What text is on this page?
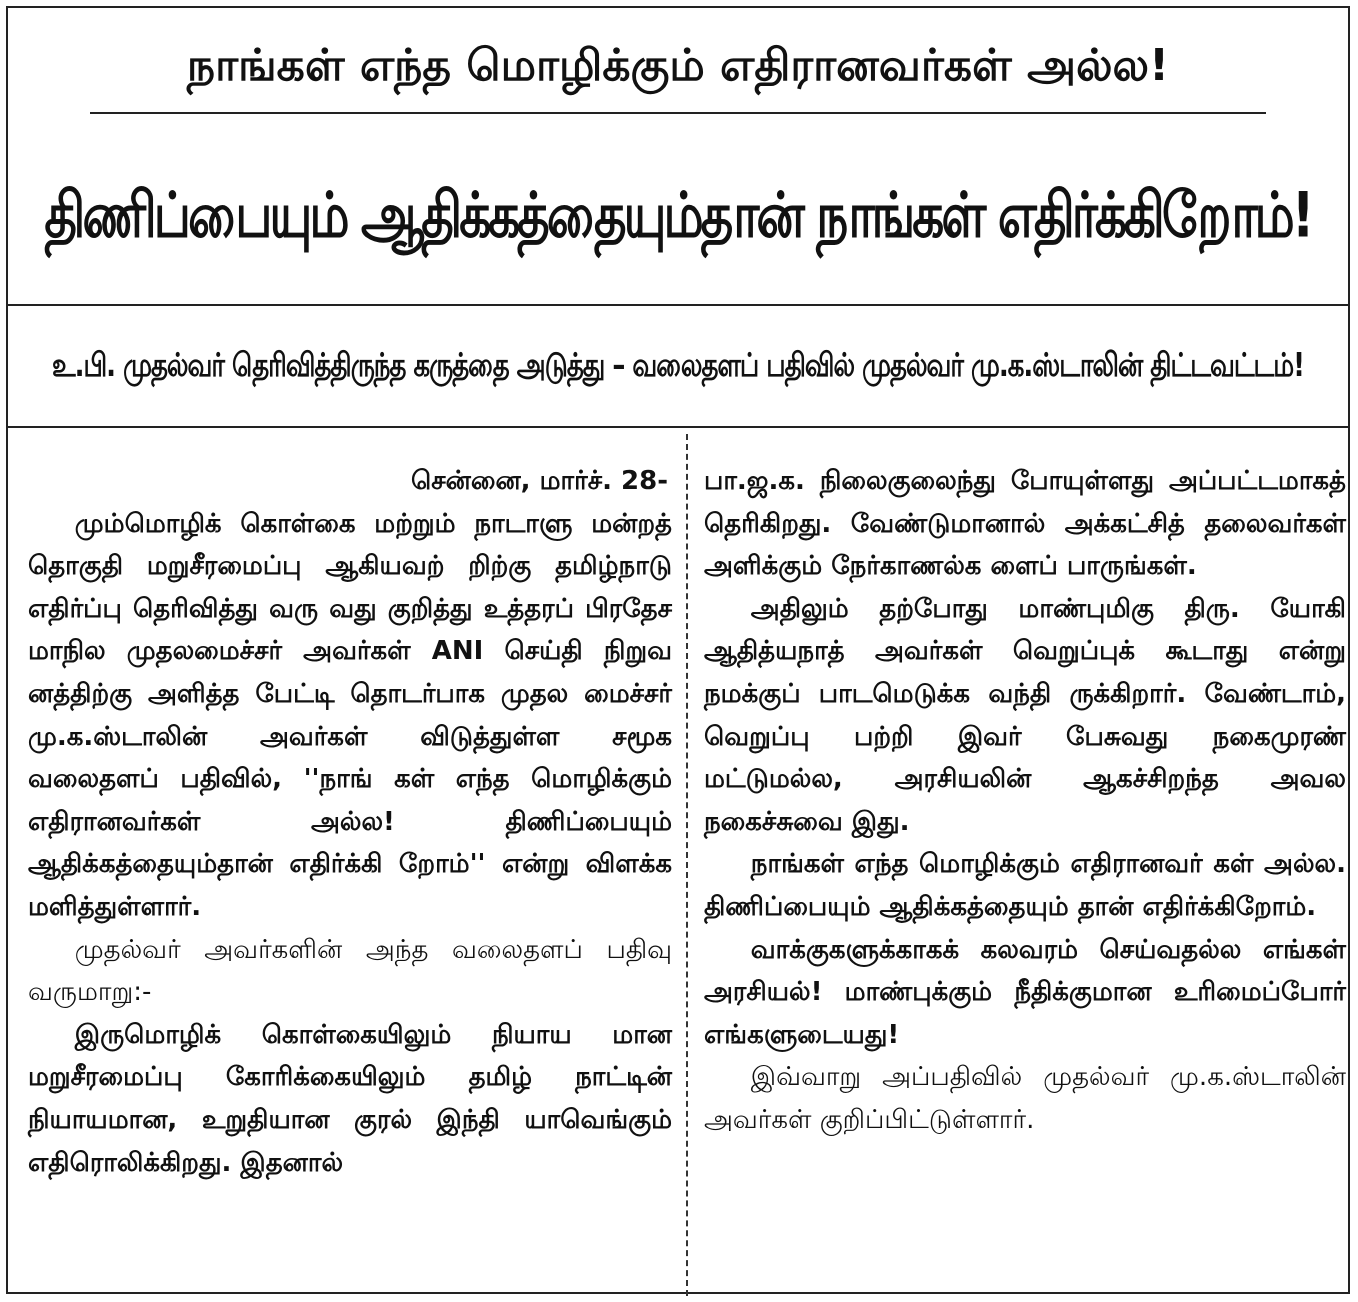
நாங்கள் எந்த மொழிக்கும் எதிரானவர்கள் அல்ல!
திணிப்பையும் ஆதிக்கத்தையும்தான் நாங்கள் எதிர்க்கிறோம்!
உ.பி. முதல்வர் தெரிவித்திருந்த கருத்தை அடுத்து – வலைதளப் பதிவில் முதல்வர் மு.க.ஸ்டாலின் திட்டவட்டம்!

சென்னை, மார்ச். 28-

மும்மொழிக் கொள்கை மற்றும் நாடாளு மன்றத் தொகுதி மறுசீரமைப்பு ஆகியவற் றிற்கு தமிழ்நாடு எதிர்ப்பு தெரிவித்து வரு வது குறித்து உத்தரப் பிரதேச மாநில முதலமைச்சர் அவர்கள் ANI செய்தி நிறுவ னத்திற்கு அளித்த பேட்டி தொடர்பாக முதல மைச்சர் மு.க.ஸ்டாலின் அவர்கள் விடுத்துள்ள சமூக வலைதளப் பதிவில், ''நாங் கள் எந்த மொழிக்கும் எதிரானவர்கள் அல்ல! திணிப்பையும் ஆதிக்கத்தையும்தான் எதிர்க்கி றோம்'' என்று விளக்க மளித்துள்ளார்.

முதல்வர் அவர்களின் அந்த வலைதளப் பதிவு வருமாறு:-

இருமொழிக் கொள்கையிலும் நியாய மான மறுசீரமைப்பு கோரிக்கையிலும் தமிழ் நாட்டின் நியாயமான, உறுதியான குரல் இந்தி யாவெங்கும் எதிரொலிக்கிறது. இதனால்

பா.ஜ.க. நிலைகுலைந்து போயுள்ளது அப்பட்டமாகத் தெரிகிறது. வேண்டுமானால் அக்கட்சித் தலைவர்கள் அளிக்கும் நேர்காணல்க ளைப் பாருங்கள்.

அதிலும் தற்போது மாண்புமிகு திரு. யோகி ஆதித்யநாத் அவர்கள் வெறுப்புக் கூடாது என்று நமக்குப் பாடமெடுக்க வந்தி ருக்கிறார். வேண்டாம், வெறுப்பு பற்றி இவர் பேசுவது நகைமுரண் மட்டுமல்ல, அரசியலின் ஆகச்சிறந்த அவல நகைச்சுவை இது.

நாங்கள் எந்த மொழிக்கும் எதிரானவர் கள் அல்ல. திணிப்பையும் ஆதிக்கத்தையும் தான் எதிர்க்கிறோம்.

வாக்குகளுக்காகக் கலவரம் செய்வதல்ல எங்கள் அரசியல்! மாண்புக்கும் நீதிக்குமான உரிமைப்போர் எங்களுடையது!

இவ்வாறு அப்பதிவில் முதல்வர் மு.க.ஸ்டாலின் அவர்கள் குறிப்பிட்டுள்ளார்.
